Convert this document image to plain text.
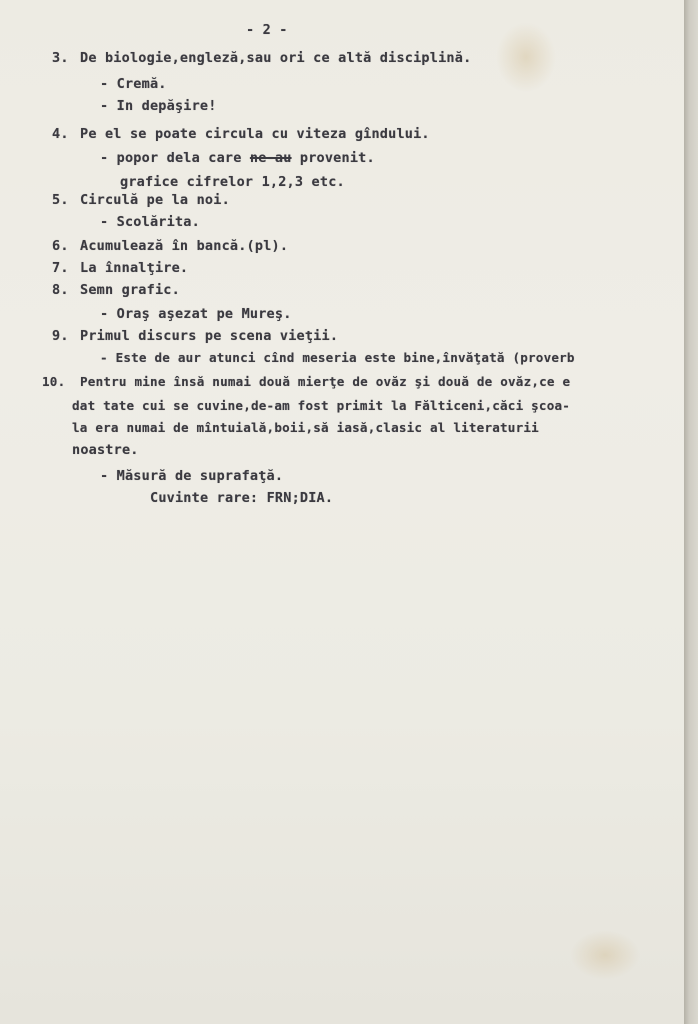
- 2 -
3. De biologie,engleză,sau ori ce altă disciplină.
- Cremă.
- In depăşire!
4. Pe el se poate circula cu viteza gîndului.
- popor dela care ne-au provenit.
grafice cifrelor 1,2,3 etc.
5. Circulă pe la noi.
- Scolărita.
6. Acumulează în bancă.(pl).
7. La înnalţire.
8. Semn grafic.
- Oraş aşezat pe Mureş.
9. Primul discurs pe scena vieţii.
- Este de aur atunci cînd meseria este bine,învăţată (proverb
10. Pentru mine însă numai două mierţe de ovăz şi două de ovăz,ce e
dat tate cui se cuvine,de-am fost primit la Fălticeni,căci şcoa-
la era numai de mîntuială,boii,să iasă,clasic al literaturii
noastre.
- Măsură de suprafaţă.
Cuvinte rare: FRN;DIA.
